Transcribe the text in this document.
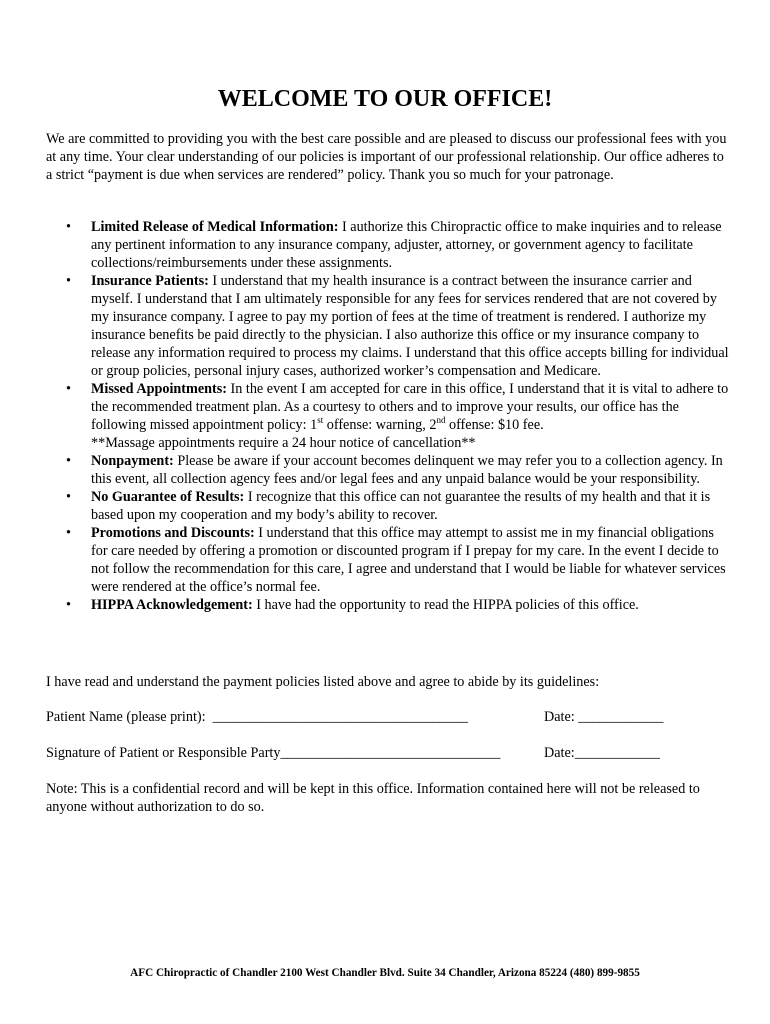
WELCOME TO OUR OFFICE!
We are committed to providing you with the best care possible and are pleased to discuss our professional fees with you at any time. Your clear understanding of our policies is important of our professional relationship. Our office adheres to a strict “payment is due when services are rendered” policy. Thank you so much for your patronage.
•	Limited Release of Medical Information: I authorize this Chiropractic office to make inquiries and to release any pertinent information to any insurance company, adjuster, attorney, or government agency to facilitate collections/reimbursements under these assignments.
•	Insurance Patients: I understand that my health insurance is a contract between the insurance carrier and myself. I understand that I am ultimately responsible for any fees for services rendered that are not covered by my insurance company. I agree to pay my portion of fees at the time of treatment is rendered. I authorize my insurance benefits be paid directly to the physician. I also authorize this office or my insurance company to release any information required to process my claims. I understand that this office accepts billing for individual or group policies, personal injury cases, authorized worker’s compensation and Medicare.
•	Missed Appointments: In the event I am accepted for care in this office, I understand that it is vital to adhere to the recommended treatment plan. As a courtesy to others and to improve your results, our office has the following missed appointment policy: 1st offense: warning, 2nd offense: $10 fee.
**Massage appointments require a 24 hour notice of cancellation**
•	Nonpayment: Please be aware if your account becomes delinquent we may refer you to a collection agency. In this event, all collection agency fees and/or legal fees and any unpaid balance would be your responsibility.
•	No Guarantee of Results: I recognize that this office can not guarantee the results of my health and that it is based upon my cooperation and my body’s ability to recover.
•	Promotions and Discounts: I understand that this office may attempt to assist me in my financial obligations for care needed by offering a promotion or discounted program if I prepay for my care. In the event I decide to not follow the recommendation for this care, I agree and understand that I would be liable for whatever services were rendered at the office’s normal fee.
•	HIPPA Acknowledgement: I have had the opportunity to read the HIPPA policies of this office.
I have read and understand the payment policies listed above and agree to abide by its guidelines:

Patient Name (please print):  ____________________________________

	Date: ____________

Signature of Patient or Responsible Party_______________________________

	Date:____________

Note: This is a confidential record and will be kept in this office. Information contained here will not be released to anyone without authorization to do so.
AFC Chiropractic of Chandler 2100 West Chandler Blvd. Suite 34 Chandler, Arizona 85224 (480) 899-9855
